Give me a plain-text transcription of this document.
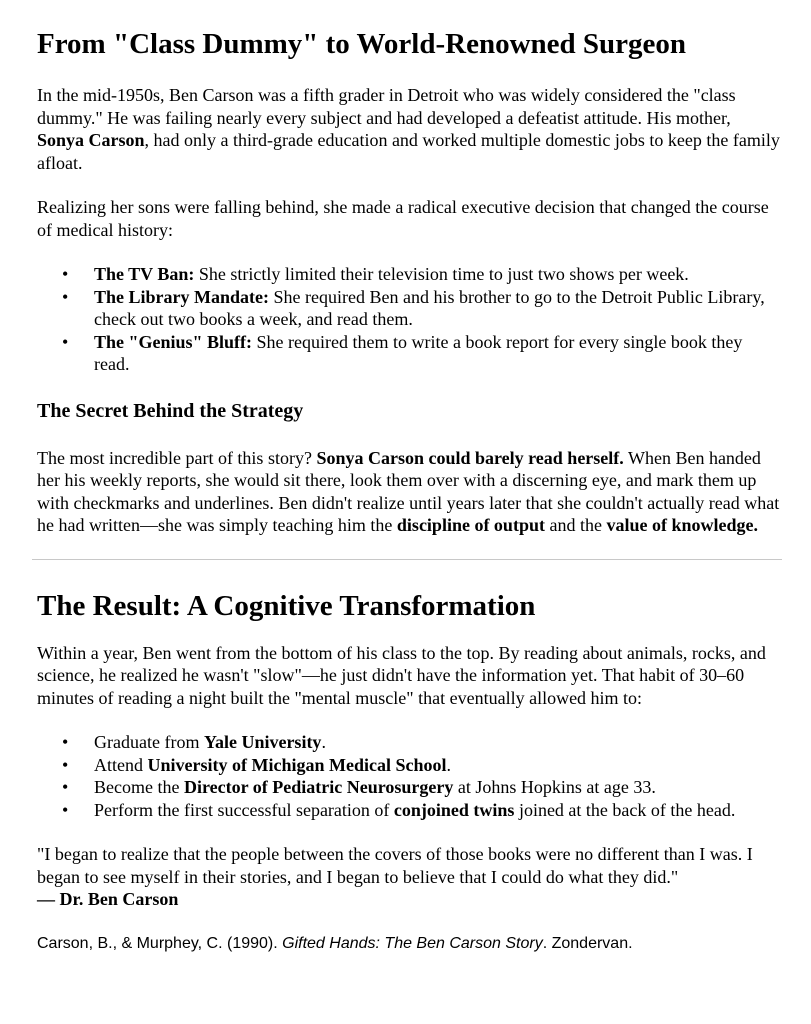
From "Class Dummy" to World-Renowned Surgeon

In the mid-1950s, Ben Carson was a fifth grader in Detroit who was widely considered the "class dummy." He was failing nearly every subject and had developed a defeatist attitude. His mother, Sonya Carson, had only a third-grade education and worked multiple domestic jobs to keep the family afloat.

Realizing her sons were falling behind, she made a radical executive decision that changed the course of medical history:

• The TV Ban: She strictly limited their television time to just two shows per week.
• The Library Mandate: She required Ben and his brother to go to the Detroit Public Library, check out two books a week, and read them.
• The "Genius" Bluff: She required them to write a book report for every single book they read.
The Secret Behind the Strategy

The most incredible part of this story? Sonya Carson could barely read herself. When Ben handed her his weekly reports, she would sit there, look them over with a discerning eye, and mark them up with checkmarks and underlines. Ben didn't realize until years later that she couldn't actually read what he had written—she was simply teaching him the discipline of output and the value of knowledge.

The Result: A Cognitive Transformation

Within a year, Ben went from the bottom of his class to the top. By reading about animals, rocks, and science, he realized he wasn't "slow"—he just didn't have the information yet. That habit of 30–60 minutes of reading a night built the "mental muscle" that eventually allowed him to:

• Graduate from Yale University.
• Attend University of Michigan Medical School.
• Become the Director of Pediatric Neurosurgery at Johns Hopkins at age 33.
• Perform the first successful separation of conjoined twins joined at the back of the head.

"I began to realize that the people between the covers of those books were no different than I was. I began to see myself in their stories, and I began to believe that I could do what they did."
— Dr. Ben Carson

Carson, B., & Murphey, C. (1990). Gifted Hands: The Ben Carson Story. Zondervan.
